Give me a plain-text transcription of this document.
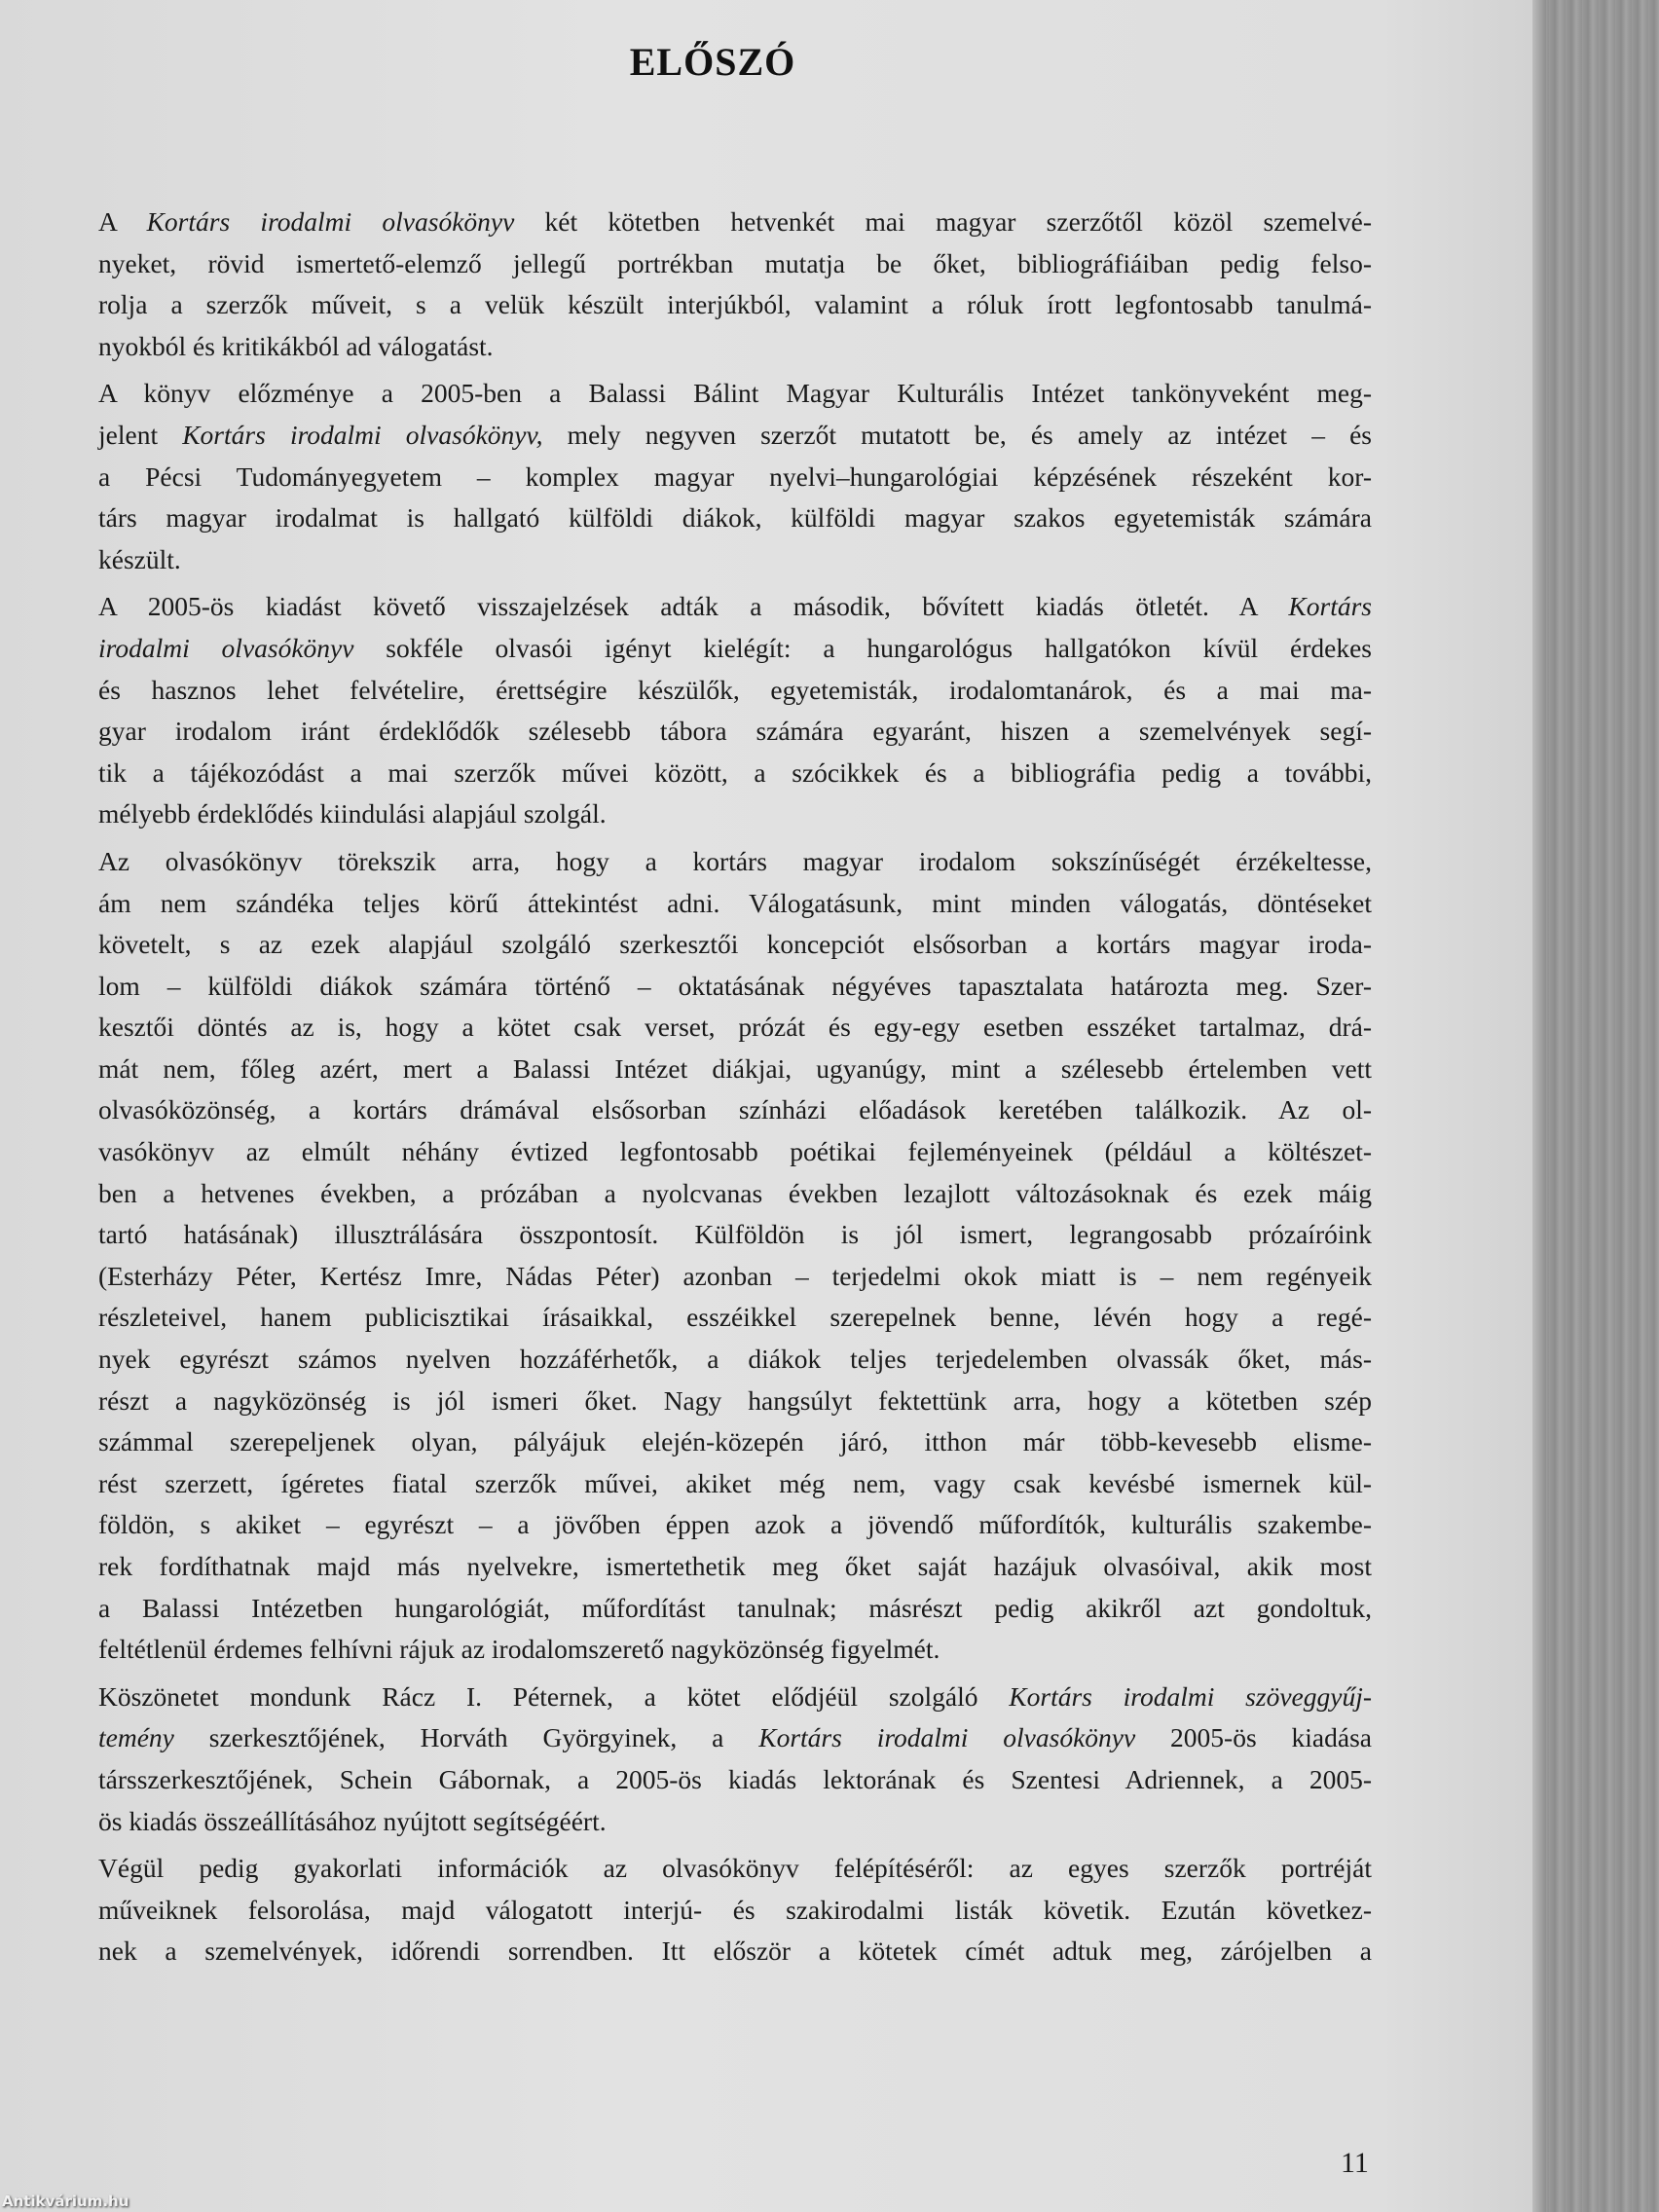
ELŐSZÓ
A Kortárs irodalmi olvasókönyv két kötetben hetvenkét mai magyar szerzőtől közöl szemelvé-
nyeket, rövid ismertető-elemző jellegű portrékban mutatja be őket, bibliográfiáiban pedig felso-
rolja a szerzők műveit, s a velük készült interjúkból, valamint a róluk írott legfontosabb tanulmá-
nyokból és kritikákból ad válogatást.
A könyv előzménye a 2005-ben a Balassi Bálint Magyar Kulturális Intézet tankönyveként meg-
jelent Kortárs irodalmi olvasókönyv, mely negyven szerzőt mutatott be, és amely az intézet – és
a Pécsi Tudományegyetem – komplex magyar nyelvi–hungarológiai képzésének részeként kor-
társ magyar irodalmat is hallgató külföldi diákok, külföldi magyar szakos egyetemisták számára
készült.
A 2005-ös kiadást követő visszajelzések adták a második, bővített kiadás ötletét. A Kortárs
irodalmi olvasókönyv sokféle olvasói igényt kielégít: a hungarológus hallgatókon kívül érdekes
és hasznos lehet felvételire, érettségire készülők, egyetemisták, irodalomtanárok, és a mai ma-
gyar irodalom iránt érdeklődők szélesebb tábora számára egyaránt, hiszen a szemelvények segí-
tik a tájékozódást a mai szerzők művei között, a szócikkek és a bibliográfia pedig a további,
mélyebb érdeklődés kiindulási alapjául szolgál.
Az olvasókönyv törekszik arra, hogy a kortárs magyar irodalom sokszínűségét érzékeltesse,
ám nem szándéka teljes körű áttekintést adni. Válogatásunk, mint minden válogatás, döntéseket
követelt, s az ezek alapjául szolgáló szerkesztői koncepciót elsősorban a kortárs magyar iroda-
lom – külföldi diákok számára történő – oktatásának négyéves tapasztalata határozta meg. Szer-
kesztői döntés az is, hogy a kötet csak verset, prózát és egy-egy esetben esszéket tartalmaz, drá-
mát nem, főleg azért, mert a Balassi Intézet diákjai, ugyanúgy, mint a szélesebb értelemben vett
olvasóközönség, a kortárs drámával elsősorban színházi előadások keretében találkozik. Az ol-
vasókönyv az elmúlt néhány évtized legfontosabb poétikai fejleményeinek (például a költészet-
ben a hetvenes években, a prózában a nyolcvanas években lezajlott változásoknak és ezek máig
tartó hatásának) illusztrálására összpontosít. Külföldön is jól ismert, legrangosabb prózaíróink
(Esterházy Péter, Kertész Imre, Nádas Péter) azonban – terjedelmi okok miatt is – nem regényeik
részleteivel, hanem publicisztikai írásaikkal, esszéikkel szerepelnek benne, lévén hogy a regé-
nyek egyrészt számos nyelven hozzáférhetők, a diákok teljes terjedelemben olvassák őket, más-
részt a nagyközönség is jól ismeri őket. Nagy hangsúlyt fektettünk arra, hogy a kötetben szép
számmal szerepeljenek olyan, pályájuk elején-közepén járó, itthon már több-kevesebb elisme-
rést szerzett, ígéretes fiatal szerzők művei, akiket még nem, vagy csak kevésbé ismernek kül-
földön, s akiket – egyrészt – a jövőben éppen azok a jövendő műfordítók, kulturális szakembe-
rek fordíthatnak majd más nyelvekre, ismertethetik meg őket saját hazájuk olvasóival, akik most
a Balassi Intézetben hungarológiát, műfordítást tanulnak; másrészt pedig akikről azt gondoltuk,
feltétlenül érdemes felhívni rájuk az irodalomszerető nagyközönség figyelmét.
Köszönetet mondunk Rácz I. Péternek, a kötet elődjéül szolgáló Kortárs irodalmi szöveggyűj-
temény szerkesztőjének, Horváth Györgyinek, a Kortárs irodalmi olvasókönyv 2005-ös kiadása
társszerkesztőjének, Schein Gábornak, a 2005-ös kiadás lektorának és Szentesi Adriennek, a 2005-
ös kiadás összeállításához nyújtott segítségéért.
Végül pedig gyakorlati információk az olvasókönyv felépítéséről: az egyes szerzők portréját
műveiknek felsorolása, majd válogatott interjú- és szakirodalmi listák követik. Ezután következ-
nek a szemelvények, időrendi sorrendben. Itt először a kötetek címét adtuk meg, zárójelben a
11
Antikvárium.hu
